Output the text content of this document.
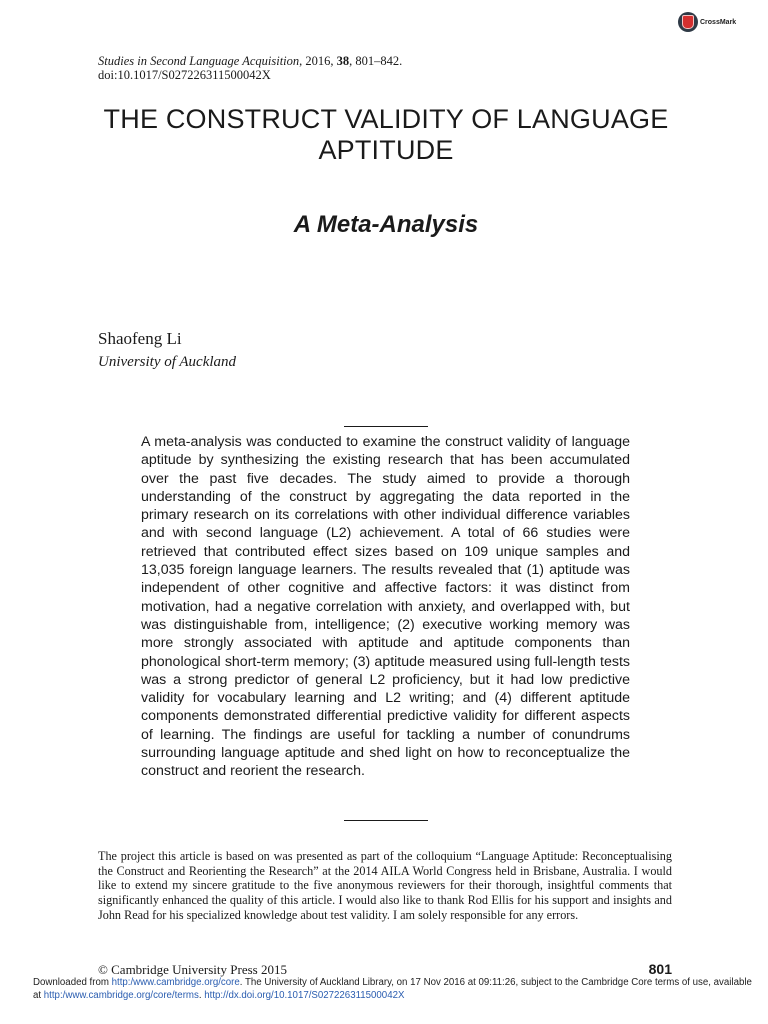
CrossMark
Studies in Second Language Acquisition, 2016, 38, 801–842.
doi:10.1017/S027226311500042X
THE CONSTRUCT VALIDITY OF LANGUAGE APTITUDE
A Meta-Analysis
Shaofeng Li
University of Auckland

A meta-analysis was conducted to examine the construct validity of language aptitude by synthesizing the existing research that has been accumulated over the past five decades. The study aimed to provide a thorough understanding of the construct by aggregating the data reported in the primary research on its correlations with other individual difference variables and with second language (L2) achievement. A total of 66 studies were retrieved that contributed effect sizes based on 109 unique samples and 13,035 foreign language learners. The results revealed that (1) aptitude was independent of other cognitive and affective factors: it was distinct from motivation, had a negative correlation with anxiety, and overlapped with, but was distinguishable from, intelligence; (2) executive working memory was more strongly associated with aptitude and aptitude components than phonological short-term memory; (3) aptitude measured using full-length tests was a strong predictor of general L2 proficiency, but it had low predictive validity for vocabulary learning and L2 writing; and (4) different aptitude components demonstrated differential predictive validity for different aspects of learning. The findings are useful for tackling a number of conundrums surrounding language aptitude and shed light on how to reconceptualize the construct and reorient the research.

The project this article is based on was presented as part of the colloquium “Language Aptitude: Reconceptualising the Construct and Reorienting the Research” at the 2014 AILA World Congress held in Brisbane, Australia. I would like to extend my sincere gratitude to the five anonymous reviewers for their thorough, insightful comments that significantly enhanced the quality of this article. I would also like to thank Rod Ellis for his support and insights and John Read for his specialized knowledge about test validity. I am solely responsible for any errors.

© Cambridge University Press 2015	801
Downloaded from http:/www.cambridge.org/core. The University of Auckland Library, on 17 Nov 2016 at 09:11:26, subject to the Cambridge Core terms of use, available at http:/www.cambridge.org/core/terms. http://dx.doi.org/10.1017/S027226311500042X
